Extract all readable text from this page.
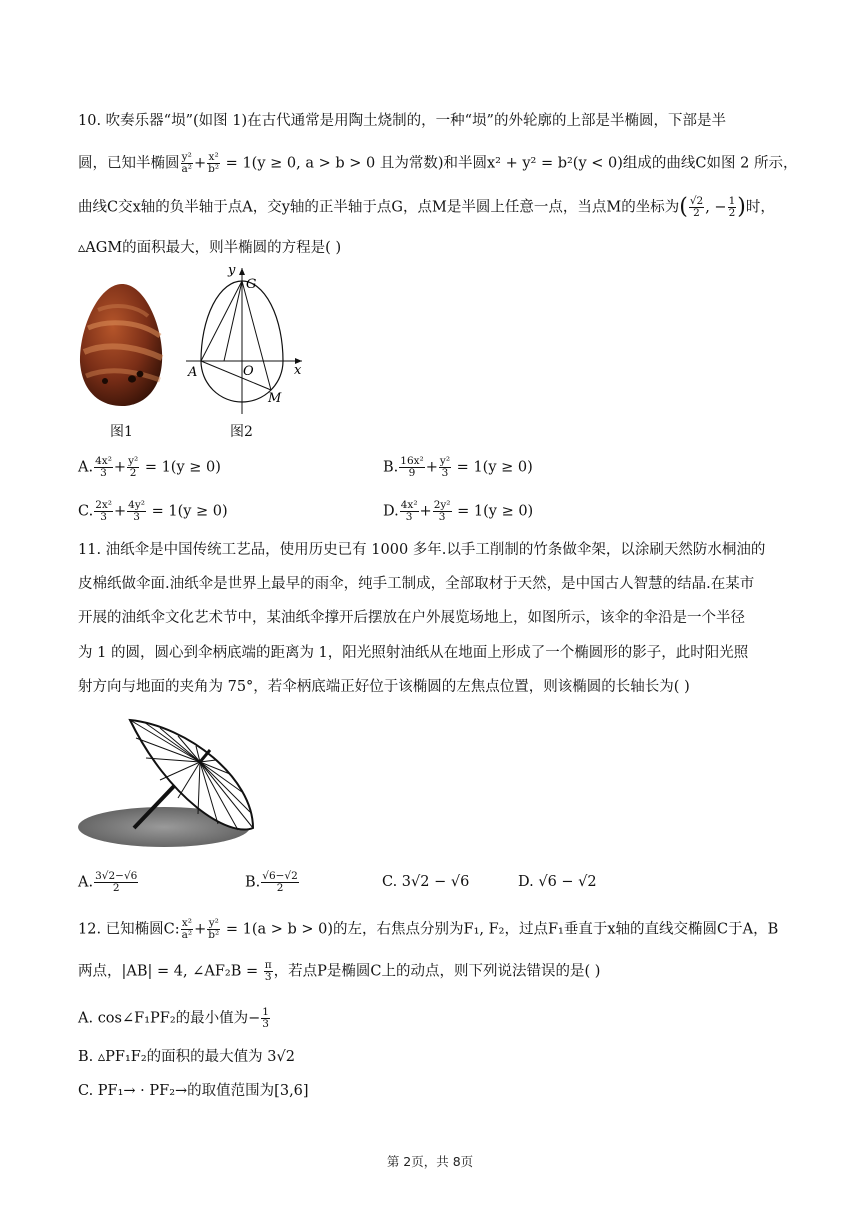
10. 吹奏乐器“埙”(如图 1)在古代通常是用陶土烧制的，一种“埙”的外轮廓的上部是半椭圆，下部是半
圆，已知半椭圆 $\frac{\text{y²}}{\text{a²}} + \frac{\text{x²}}{\text{b²}} = 1(y \ge 0$, a > b > 0 且为常数)和半圆x² + y² = b²(y < 0)组成的曲线C如图 2 所示，
曲线C交x轴的负半轴于点A，交y轴的正半轴于点G，点M是半圆上任意一点，当点M的坐标为( $\frac{√2}{2}$ , − $\frac{1}{2}$ )时，
▵AGM的面积最大，则半椭圆的方程是( )
y
G
A	O	x
M
图1	图2
A. $\frac{\text{4x²}}{3} + \frac{\text{y²}}{2} = 1(y \ge 0)$	B. $\frac{\text{16x²}}{9} + \frac{\text{y²}}{3} = 1(y \ge 0)$
C. $\frac{\text{2x²}}{3} + \frac{\text{4y²}}{3} = 1(y \ge 0)$	D. $\frac{\text{4x²}}{3} + \frac{\text{2y²}}{3} = 1(y \ge 0)$
11. 油纸伞是中国传统工艺品，使用历史已有 1000 多年.以手工削制的竹条做伞架，以涂刷天然防水桐油的
皮棉纸做伞面.油纸伞是世界上最早的雨伞，纯手工制成，全部取材于天然，是中国古人智慧的结晶.在某市
开展的油纸伞文化艺术节中，某油纸伞撑开后摆放在户外展览场地上，如图所示，该伞的伞沿是一个半径
为 1 的圆，圆心到伞柄底端的距离为 1，阳光照射油纸从在地面上形成了一个椭圆形的影子，此时阳光照
射方向与地面的夹角为 75°，若伞柄底端正好位于该椭圆的左焦点位置，则该椭圆的长轴长为( )
A. $\frac{3√2-√6}{2}$	B. $\frac{√6-√2}{2}$	C. 3√2 − √6	D. √6 − √2
12. 已知椭圆C: $\frac{\text{x²}}{\text{a²}} + \frac{\text{y²}}{\text{b²}} = 1(a > b > 0)$的左，右焦点分别为F₁, F₂，过点F₁垂直于x轴的直线交椭圆C于A，B
两点，|AB| = 4, ∠AF₂B = $\frac{\pi}{3}$ ，若点P是椭圆C上的动点，则下列说法错误的是( )
A. cos∠F₁PF₂的最小值为− $\frac{1}{3}$
B. ▵PF₁F₂的面积的最大值为 3√2
C. PF₁→ · PF₂→的取值范围为[3,6]
第 2页，共 8页
